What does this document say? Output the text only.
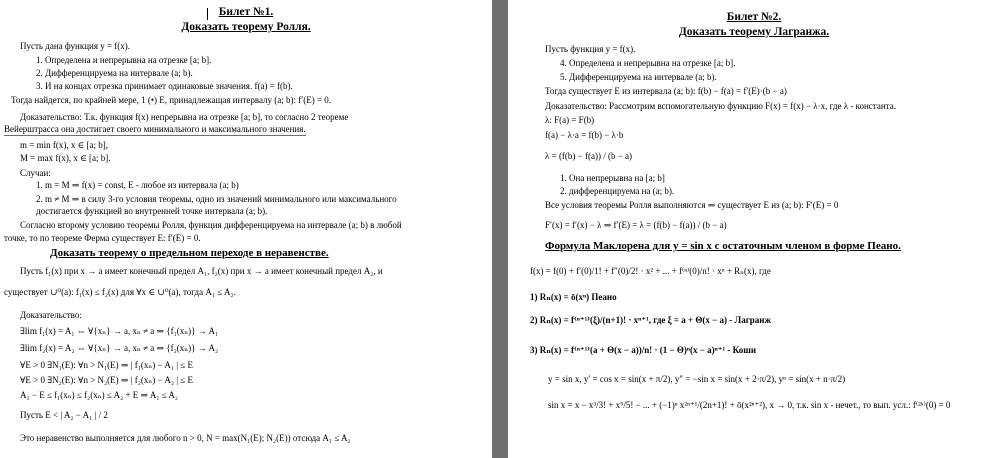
Билет №1.
Доказать теорему Ролля.
Пусть дана функция y = f(x).
1. Определена и непрерывна на отрезке [a; b].
2. Дифференцируема на интервале (a; b).
3. И на концах отрезка принимает одинаковые значения. f(a) = f(b).
Тогда найдется, по крайней мере, 1 (•) E, принадлежащая интервалу (a; b): f′(E) = 0.
Доказательство: Т.к. функция f(x) непрерывна на отрезке [a; b], то согласно 2 теореме
Вейерштрасса она достигает своего минимального и максимального значения.
m = min f(x), x ∈ [a; b],
M = max f(x), x ∈ [a; b].
Случаи:
1. m = M ⇒ f(x) = const, E - любое из интервала (a; b)
2. m ≠ M ⇒ в силу 3-го условия теоремы, одно из значений минимального или максимального
достигается функцией во внутренней точке интервала (a; b).
Согласно второму условию теоремы Ролля, функция дифференцируема на интервале (a; b) в любой
точке, то по теореме Ферма существует E: f′(E) = 0.
Доказать теорему о предельном переходе в неравенстве.
Пусть f₁(x) при x → a имеет конечный предел A₁, f₂(x) при x → a имеет конечный предел A₂, и
существует ∪⁰(a): f₁(x) ≤ f₂(x) для ∀x ∈ ∪⁰(a), тогда A₁ ≤ A₂.
Доказательство:
∃lim f₁(x) = A₁ ⇔ ∀{xₙ} → a, xₙ ≠ a ⇒ {f₁(xₙ)} → A₁
∃lim f₂(x) = A₂ ⇔ ∀{xₙ} → a, xₙ ≠ a ⇒ {f₂(xₙ)} → A₂
∀E > 0 ∃N₁(E): ∀n > N₁(E) ⇒ | f₁(xₙ) − A₁ | ≤ E
∀E > 0 ∃N₂(E): ∀n > N₂(E) ⇒ | f₂(xₙ) − A₂ | ≤ E
A₁ − E ≤ f₁(xₙ) ≤ f₂(xₙ) ≤ A₂ + E ⇒ A₁ ≤ A₂
Пусть E < | A₂ − A₁ | / 2
Это неравенство выполняется для любого n > 0, N = max(N₁(E); N₂(E)) отсюда A₁ ≤ A₂
Билет №2.
Доказать теорему Лагранжа.
Пусть функция y = f(x).
4. Определена и непрерывна на отрезке [a; b].
5. Дифференцируема на интервале (a; b).
Тогда существует E из интервала (a; b): f(b) − f(a) = f′(E)·(b − a)
Доказательство: Рассмотрим вспомогательную функцию F(x) = f(x) − λ·x, где λ - константа.
λ: F(a) = F(b)
f(a) − λ·a = f(b) − λ·b
λ = (f(b) − f(a)) / (b − a)
1. Она непрерывна на [a; b]
2. дифференцируема на (a; b).
Все условия теоремы Ролля выполняются ⇒ существует E из (a; b): F′(E) = 0
F′(x) = f′(x) − λ ⇒ f′(E) = λ = (f(b) − f(a)) / (b − a)
Формула Маклорена для y = sin x с остаточным членом в форме Пеано.
f(x) = f(0) + f′(0)/1! + f″(0)/2! · x² + ... + f⁽ⁿ⁾(0)/n! · xⁿ + Rₙ(x), где
1) Rₙ(x) = ō(xⁿ) Пеано
2) Rₙ(x) = f⁽ⁿ⁺¹⁾(ξ)/(n+1)! · xⁿ⁺¹, где ξ = a + Θ(x − a) - Лагранж
3) Rₙ(x) = f⁽ⁿ⁺¹⁾(a + Θ(x − a))/n! · (1 − Θ)ⁿ(x − a)ⁿ⁺¹ - Коши
y = sin x, y′ = cos x = sin(x + π/2), y″ = −sin x = sin(x + 2·π/2), yⁿ = sin(x + n·π/2)
sin x = x − x³/3! + x⁵/5! − ... + (−1)ⁿ x²ⁿ⁺¹/(2n+1)! + ō(x²ⁿ⁺²), x → 0, т.к. sin x - нечет., то вып. усл.: f⁽²ᵏ⁾(0) = 0
